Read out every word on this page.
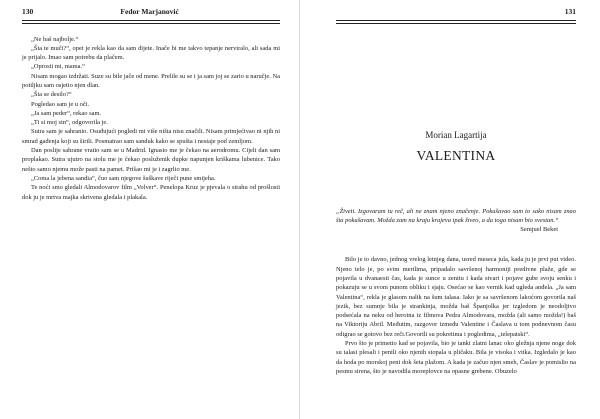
130	Fedor Marjanović

„Ne baš najbolje.“

„Šta te muči?“, opet je rekla kao da sam dijete. Inače bi me takvo tepanje nerviralo, ali sada mi je prijalo. Imao sam potrebu da plačem.

„Oprosti mi, mama.“

Nisam mogao izdržati. Suze su bile jače od mene. Prelile su se i ja sam joj se zario u naručje. Na potiljku sam osjetio njen dlan.

„Šta se desilo?“

Pogledao sam je u oči.

„Ja sam peder“, rekao sam.

„Ti si moj sin“, odgovorila je.

Sutra sam je sahranio. Osuđujući pogledi mi više ništa nisu značili. Nisam primjećivao ni njih ni smrad gađenja koji su širili. Posmatrao sam sanduk kako se spušta i nestaje pod zemljom.

Dan poslije sahrane vratio sam se u Madrid. Ignasio me je čekao na aerodromu. Cijeli dan sam proplakao. Sutra ujutro na stolu me je čekao posluženik dupke napunjen kriškama lubenice. Tako nešto samo njemu može pasti na pamet. Prišao mi je i zagrlio me.

„Coma la jebena sandia“, čuo sam njegove šuškave riječi pune smijeha.

Te noći smo gledali Almodovarov film „Volver“. Penelopa Kruz je pjevala o strahu od prošlosti dok ju je mrtva majka skrivena gledala i plakala.

131
Morian Lagartija
VALENTINA
„Živeti. Izgovaram tu reč, ali ne znam njeno značenje. Pokušavao sam to sako nisam znao šta pokušavam. Možda zam na kraju krajeva ipak živeo, a da toga nisam bio svestan.“
Semjuel Beket

Bilo je to davno, jednog vrelog letnjeg dana, usred meseca jula, kada ju je prvi put video. Njeno telo je, po svim merilima, pripadalo savršenoj harmoniji predivne plaže, gde se pojavila u dvanaesti čas, kada je sunce u zenitu i kada stvari i pojave gube svoju senku i pokazuju se u svom punom obliku i sjaju. Osećao se kao vernik kad ugleda anđela. „Ja sam Valentina“, rekla je glasom nalik na šum talasa. Iako je sa savršenom lakoćom govorila naš jezik, bez sumnje bila je strankinja, možda baš Španjolka jer izgledom je neodoljivo podsećala na neku od heroina iz filmova Pedra Almodovara, možda (ali samo možda!) baš na Viktoriju Abril. Međutim, razgovor između Valentine i Časlava u tom podnevnom času odigrao se gotovo bez reči.Govorili su pokretima i pogledima, „telepatski“.

Prvo što je primetio kad se pojavila, bio je tanki zlatni lanac oko gležnja njene noge dok su talasi plesali i penili oko njenih stopala u pličaku. Bila je visoka i vitka. Izgledalo je kao da hoda po morskoj peni dok šeta plažom. A kada je začuo njen smeh, Časlav je pomislio na pesmu sirena, što je navodila moreplovce na opasne grebene. Obuzelo
